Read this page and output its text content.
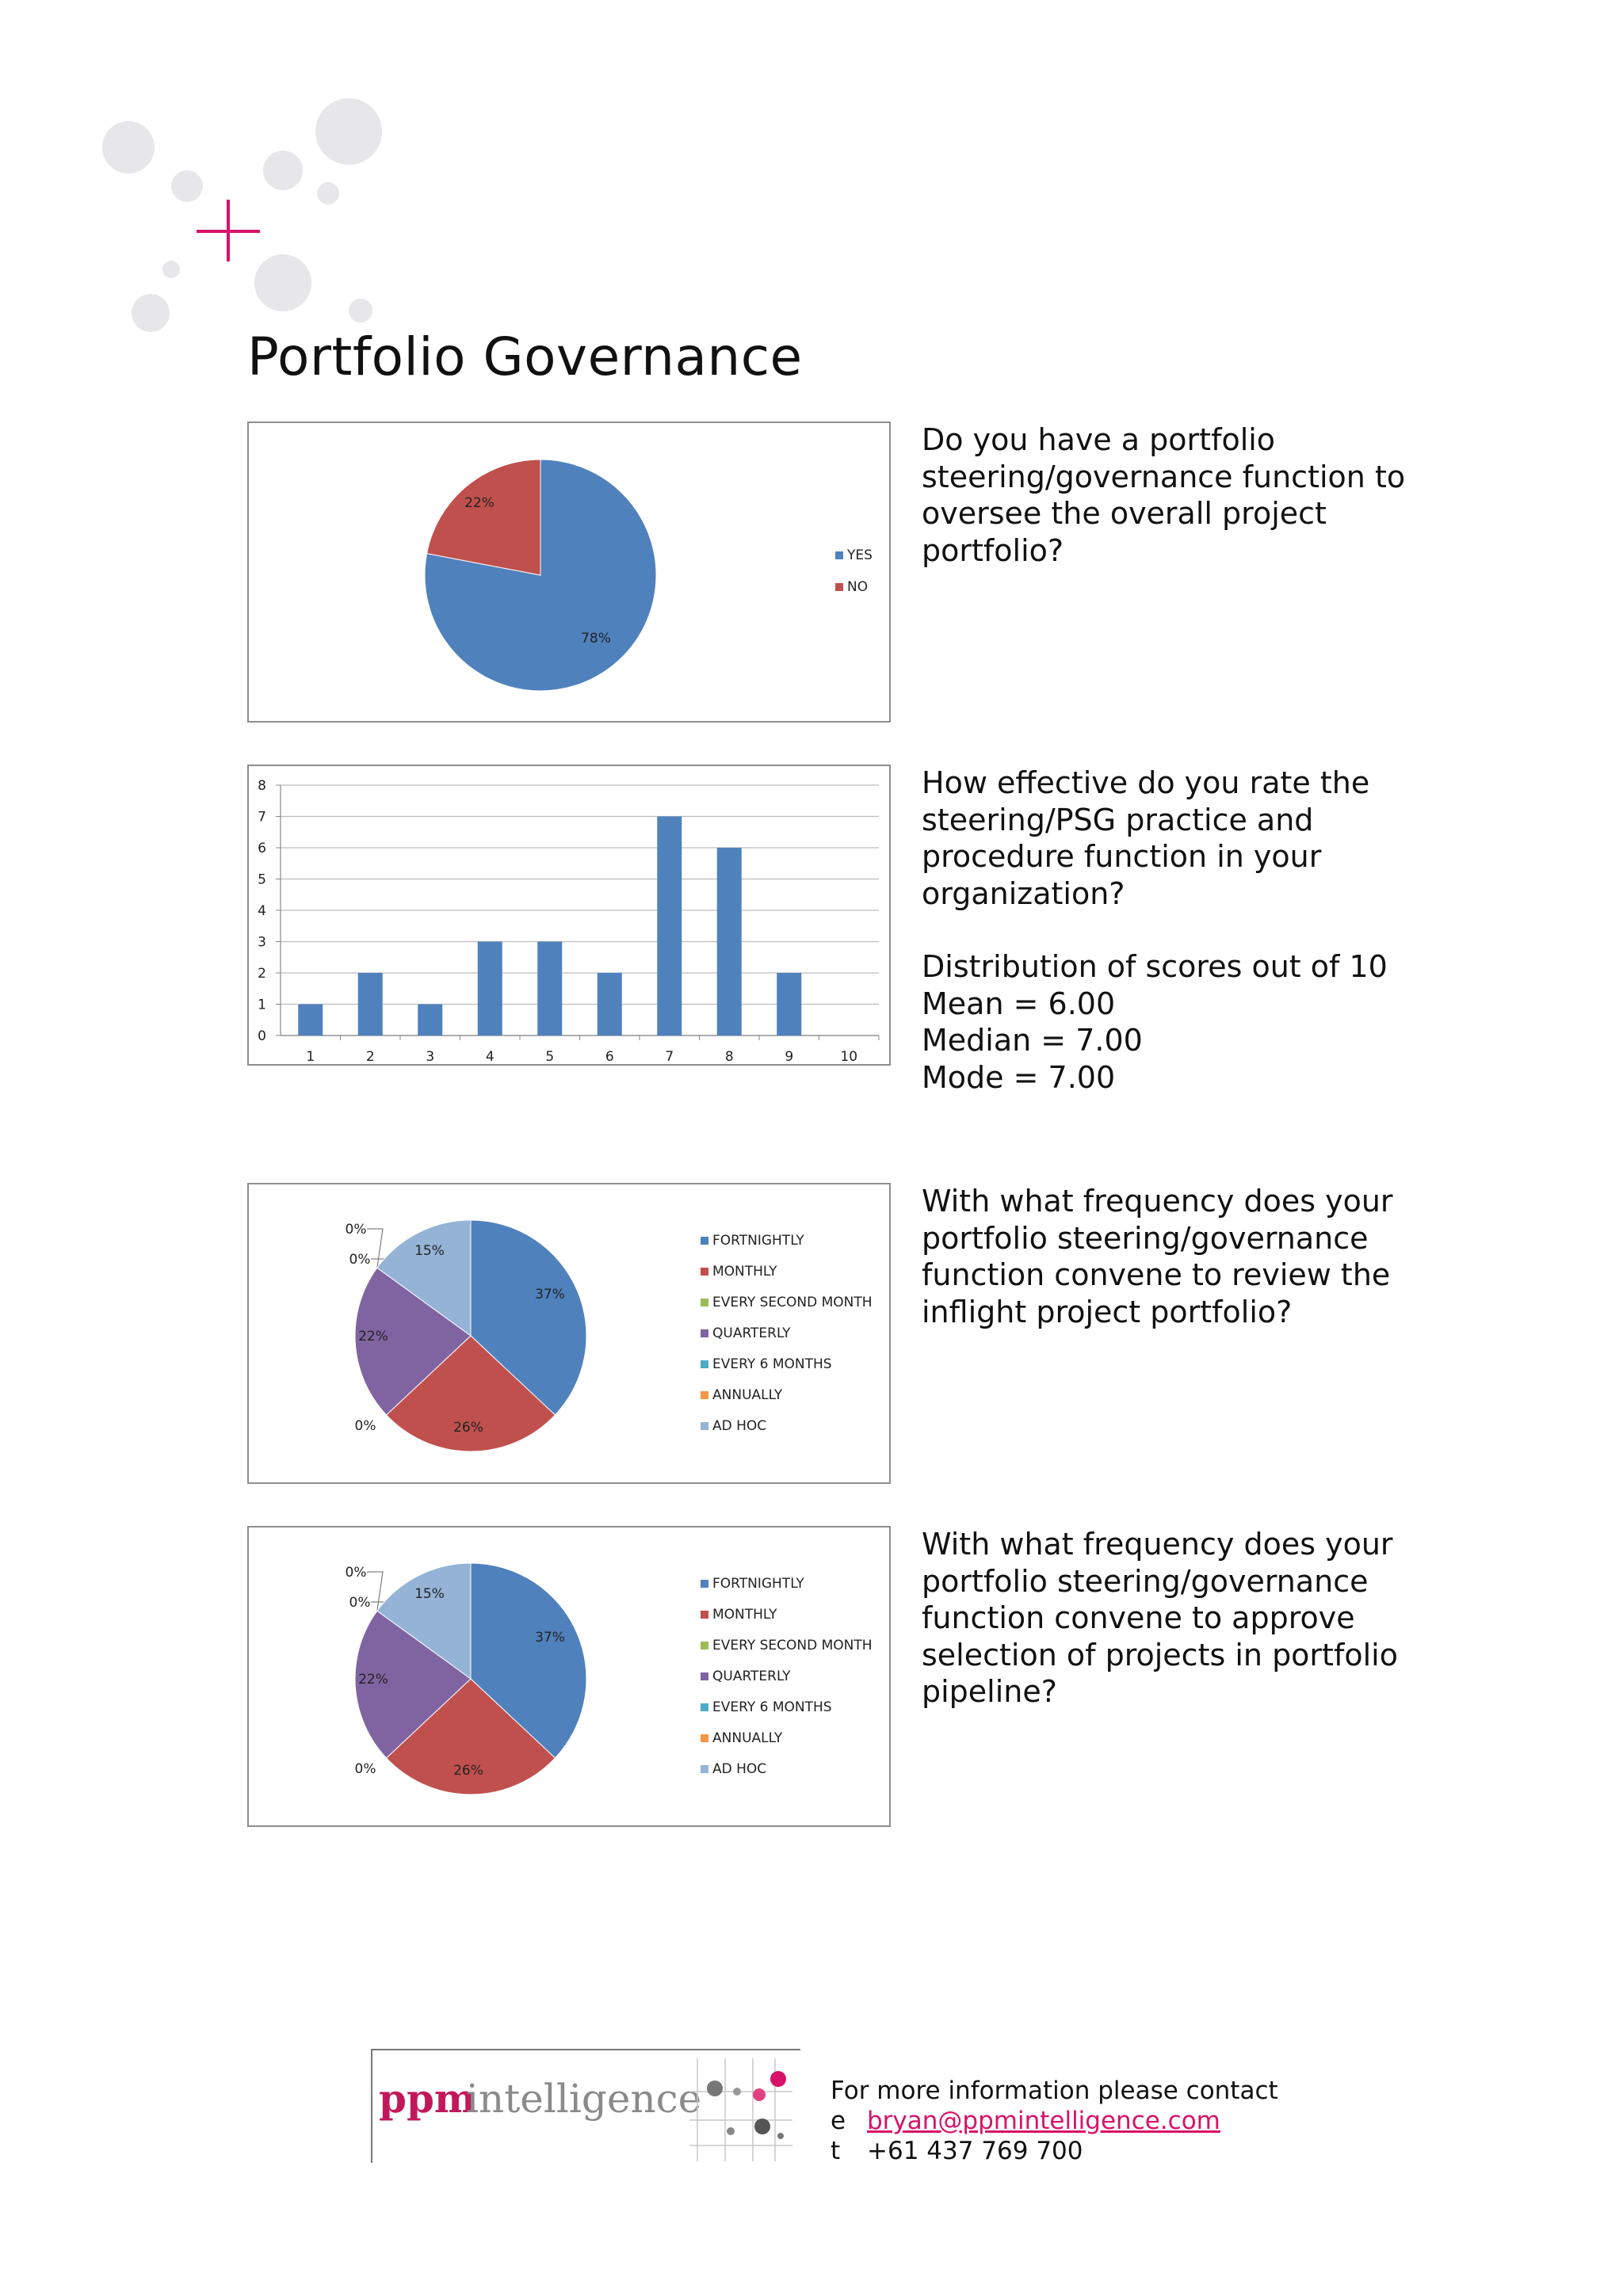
Portfolio Governance
78%
22%
YES
NO

Do you have a portfolio steering/governance function to oversee the overall project portfolio?

0
1
2
3
4
5
6
7
8
1	2	3	4	5	6	7	8	9	10

How effective do you rate the steering/PSG practice and procedure function in your organization?

Distribution of scores out of 10

Mean = 6.00

Median = 7.00

Mode = 7.00

37%
26%
0%
22%
0%
0%
15%
FORTNIGHTLY
MONTHLY
EVERY SECOND MONTH
QUARTERLY
EVERY 6 MONTHS
ANNUALLY
AD HOC

With what frequency does your portfolio steering/governance function convene to review the inflight project portfolio?

37%
26%
0%
22%
0%
0%
15%
FORTNIGHTLY
MONTHLY
EVERY SECOND MONTH
QUARTERLY
EVERY 6 MONTHS
ANNUALLY
AD HOC

With what frequency does your portfolio steering/governance function convene to approve selection of projects in portfolio pipeline?

ppm
intelligence	For more information please contact
e bryan@ppmintelligence.com
t	+61 437 769 700
